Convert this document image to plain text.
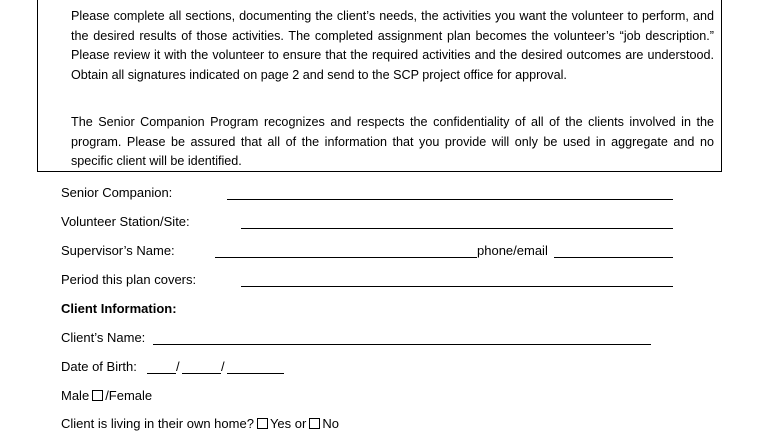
Please complete all sections, documenting the client’s needs, the activities you want the volunteer to perform, and the desired results of those activities. The completed assignment plan becomes the volunteer’s “job description.” Please review it with the volunteer to ensure that the required activities and the desired outcomes are understood. Obtain all signatures indicated on page 2 and send to the SCP project office for approval.

The Senior Companion Program recognizes and respects the confidentiality of all of the clients involved in the program. Please be assured that all of the information that you provide will only be used in aggregate and no specific client will be identified.

Senior Companion:
Volunteer Station/Site:
Supervisor’s Name:	phone/email
Period this plan covers:
Client Information:
Client’s Name:
Date of Birth:	/	/
Male /Female
Client is living in their own home? Yes or No
